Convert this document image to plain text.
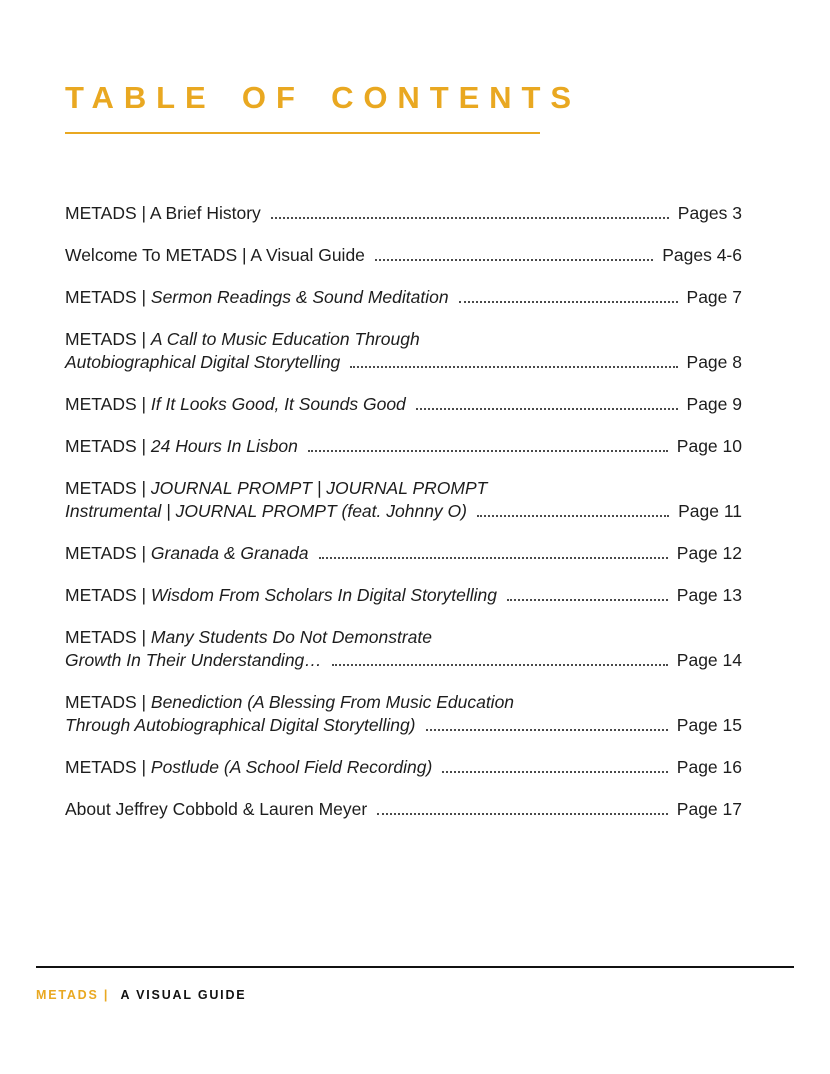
TABLE OF CONTENTS
METADS | A Brief History	Pages 3
Welcome To METADS | A Visual Guide	Pages 4-6
METADS | Sermon Readings & Sound Meditation	Page 7
METADS | A Call to Music Education Through
Autobiographical Digital Storytelling	Page 8
METADS | If It Looks Good, It Sounds Good	Page 9
METADS | 24 Hours In Lisbon	Page 10
METADS | JOURNAL PROMPT | JOURNAL PROMPT
Instrumental | JOURNAL PROMPT (feat. Johnny O)	Page 11
METADS | Granada & Granada	Page 12
METADS | Wisdom From Scholars In Digital Storytelling	Page 13
METADS | Many Students Do Not Demonstrate
Growth In Their Understanding…	Page 14
METADS | Benediction (A Blessing From Music Education
Through Autobiographical Digital Storytelling)	Page 15
METADS | Postlude (A School Field Recording)	Page 16
About Jeffrey Cobbold & Lauren Meyer	Page 17
METADS | A VISUAL GUIDE
